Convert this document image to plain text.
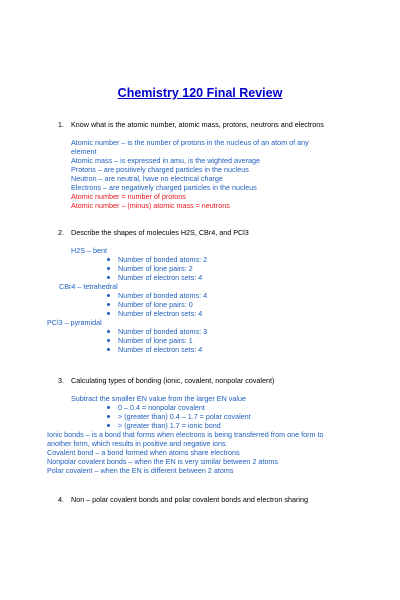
Chemistry 120 Final Review
1. Know what is the atomic number, atomic mass, protons, neutrons and electrons
Atomic number – is the number of protons in the nucleus of an atom of any
element
Atomic mass – is expressed in amu, is the wighted average
Protons – are positively charged particles in the nucleus
Neutron – are neutral, have no electrical charge
Electrons – are negatively charged particles in the nucleus
Atomic number = number of protons
Atomic number – (minus) atomic mass = neutrons
2. Describe the shapes of molecules H2S, CBr4, and PCl3
H2S – bent
Number of bonded atoms: 2
Number of lone pairs: 2
Number of electron sets: 4
CBr4 – tetrahedral
Number of bonded atoms: 4
Number of lone pairs: 0
Number of electron sets: 4
PCl3 – pyramidal
Number of bonded atoms: 3
Number of lone pairs: 1
Number of electron sets: 4
3. Calculating types of bonding (ionic, covalent, nonpolar covalent)
Subtract the smaller EN value from the larger EN value
0 – 0.4 = nonpolar covalent
> (greater than) 0.4 – 1.7 = polar covalent
> (greater than) 1.7 = ionic bond
Ionic bonds – is a bond that forms when electrons is being transferred from one form to
another form, which results in positive and negative ions
Covalent bond – a bond formed when atoms share electrons
Nonpolar covalent bonds – when the EN is very similar between 2 atoms
Polar covalent – when the EN is different between 2 atoms
4. Non – polar covalent bonds and polar covalent bonds and electron sharing
